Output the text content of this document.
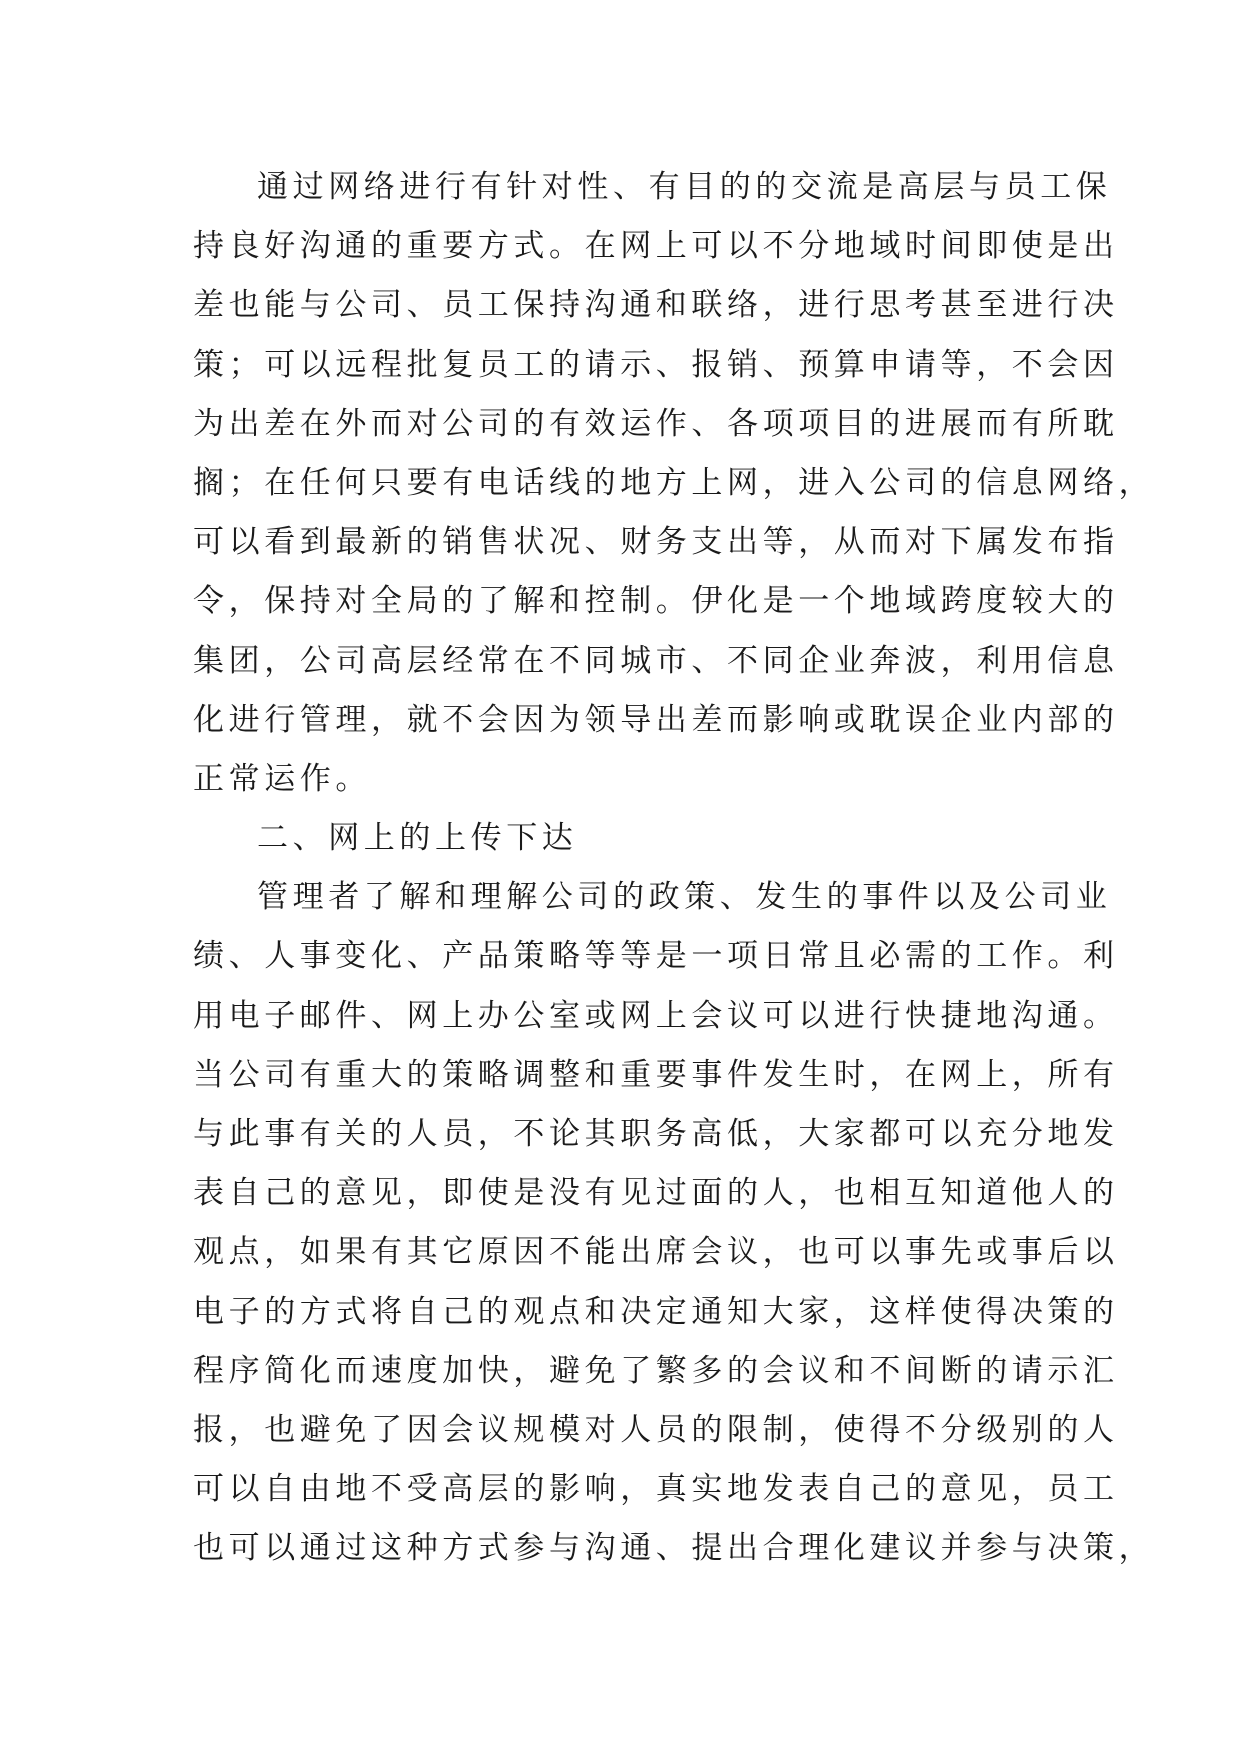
通过网络进行有针对性、有目的的交流是高层与员工保
持良好沟通的重要方式。在网上可以不分地域时间即使是出
差也能与公司、员工保持沟通和联络，进行思考甚至进行决
策；可以远程批复员工的请示、报销、预算申请等，不会因
为出差在外而对公司的有效运作、各项项目的进展而有所耽
搁；在任何只要有电话线的地方上网，进入公司的信息网络，
可以看到最新的销售状况、财务支出等，从而对下属发布指
令，保持对全局的了解和控制。伊化是一个地域跨度较大的
集团，公司高层经常在不同城市、不同企业奔波，利用信息
化进行管理，就不会因为领导出差而影响或耽误企业内部的
正常运作。
二、网上的上传下达
管理者了解和理解公司的政策、发生的事件以及公司业
绩、人事变化、产品策略等等是一项日常且必需的工作。利
用电子邮件、网上办公室或网上会议可以进行快捷地沟通。
当公司有重大的策略调整和重要事件发生时，在网上，所有
与此事有关的人员，不论其职务高低，大家都可以充分地发
表自己的意见，即使是没有见过面的人，也相互知道他人的
观点，如果有其它原因不能出席会议，也可以事先或事后以
电子的方式将自己的观点和决定通知大家，这样使得决策的
程序简化而速度加快，避免了繁多的会议和不间断的请示汇
报，也避免了因会议规模对人员的限制，使得不分级别的人
可以自由地不受高层的影响，真实地发表自己的意见，员工
也可以通过这种方式参与沟通、提出合理化建议并参与决策，
